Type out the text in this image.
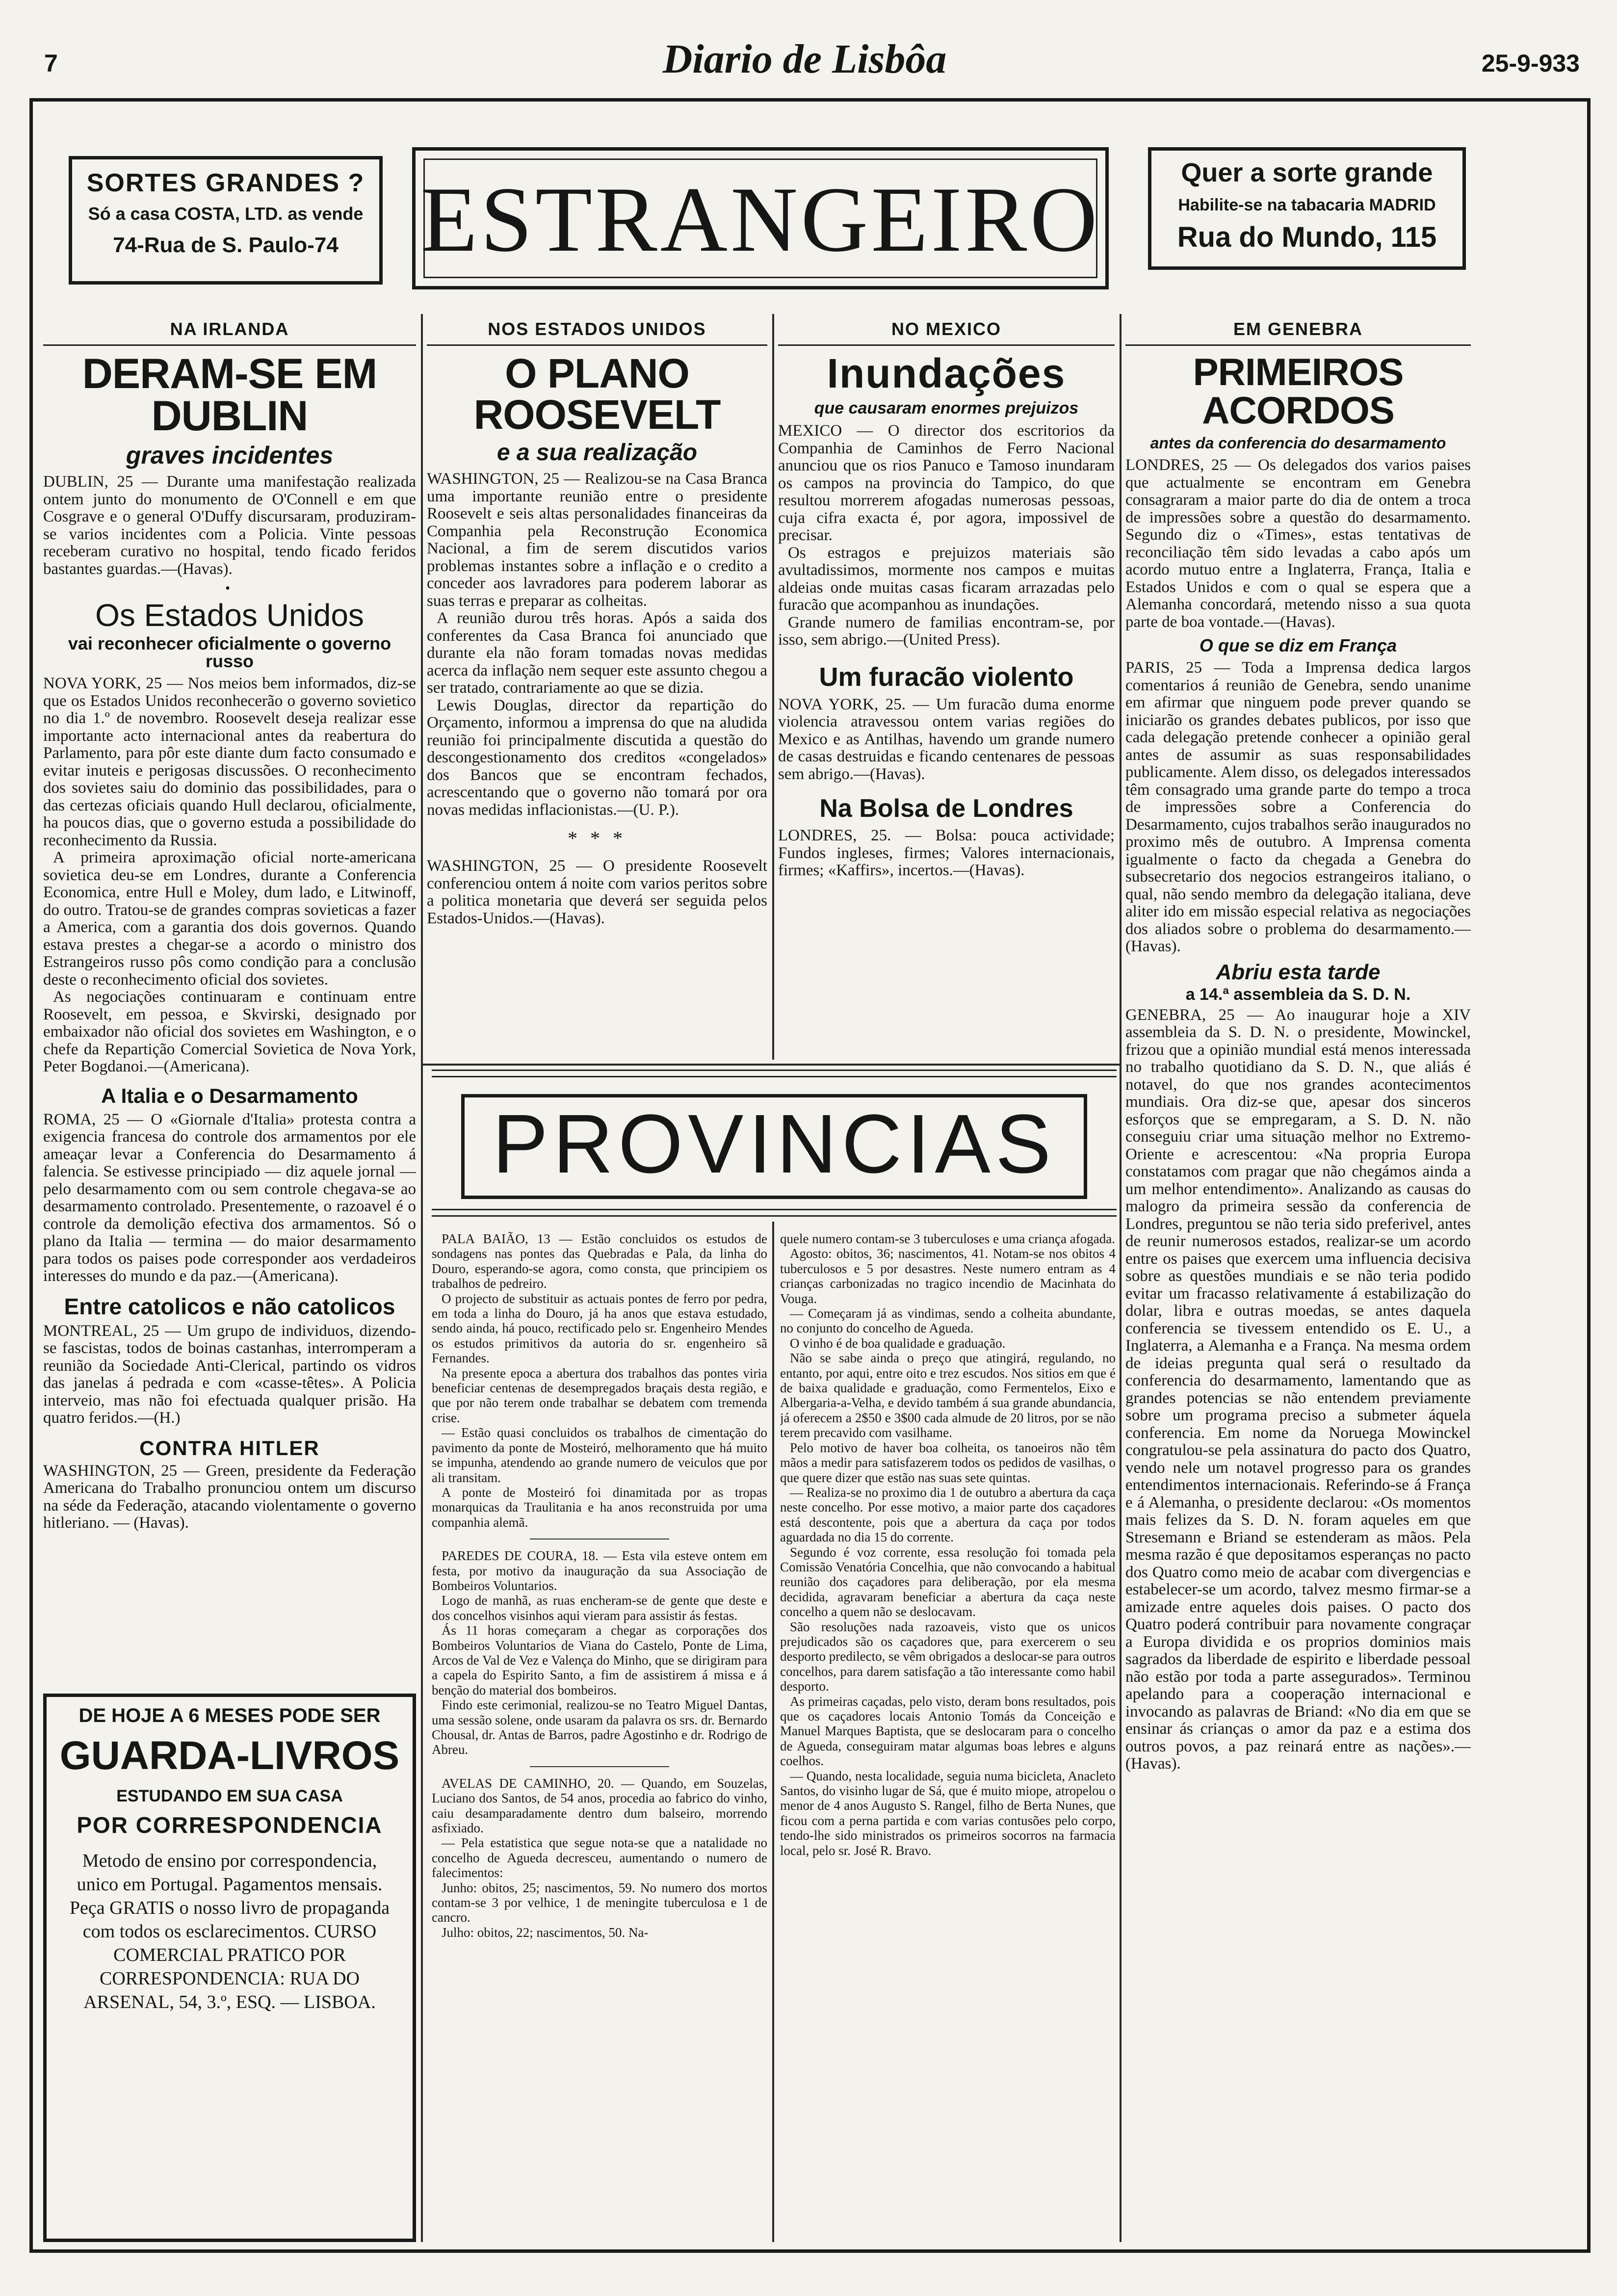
7	Diario de Lisbôa	25-9-933
SORTES GRANDES ?
Só a casa COSTA, LTD. as vende
74-Rua de S. Paulo-74 ESTRANGEIRO	Quer a sorte grande
Habilite-se na tabacaria MADRID
Rua do Mundo, 115
NA IRLANDA
DERAM-SE EM DUBLIN
graves incidentes

DUBLIN, 25 — Durante uma manifestação realizada ontem junto do monumento de O'Connell e em que Cosgrave e o general O'Duffy discursaram, produziram-se varios incidentes com a Policia. Vinte pessoas receberam curativo no hospital, tendo ficado feridos bastantes guardas.—(Havas).

•
Os Estados Unidos
vai reconhecer oficialmente o governo russo

NOVA YORK, 25 — Nos meios bem informados, diz-se que os Estados Unidos reconhecerão o governo sovietico no dia 1.º de novembro. Roosevelt deseja realizar esse importante acto internacional antes da reabertura do Parlamento, para pôr este diante dum facto consumado e evitar inuteis e perigosas discussões. O reconhecimento dos sovietes saiu do dominio das possibilidades, para o das certezas oficiais quando Hull declarou, oficialmente, ha poucos dias, que o governo estuda a possibilidade do reconhecimento da Russia.

A primeira aproximação oficial norte-americana sovietica deu-se em Londres, durante a Conferencia Economica, entre Hull e Moley, dum lado, e Litwinoff, do outro. Tratou-se de grandes compras sovieticas a fazer a America, com a garantia dos dois governos. Quando estava prestes a chegar-se a acordo o ministro dos Estrangeiros russo pôs como condição para a conclusão deste o reconhecimento oficial dos sovietes.

As negociações continuaram e continuam entre Roosevelt, em pessoa, e Skvirski, designado por embaixador não oficial dos sovietes em Washington, e o chefe da Repartição Comercial Sovietica de Nova York, Peter Bogdanoi.—(Americana).

A Italia e o Desarmamento

ROMA, 25 — O «Giornale d'Italia» protesta contra a exigencia francesa do controle dos armamentos por ele ameaçar levar a Conferencia do Desarmamento á falencia. Se estivesse principiado — diz aquele jornal — pelo desarmamento com ou sem controle chegava-se ao desarmamento controlado. Presentemente, o razoavel é o controle da demolição efectiva dos armamentos. Só o plano da Italia — termina — do maior desarmamento para todos os paises pode corresponder aos verdadeiros interesses do mundo e da paz.—(Americana).

Entre catolicos e não catolicos

MONTREAL, 25 — Um grupo de individuos, dizendo-se fascistas, todos de boinas castanhas, interromperam a reunião da Sociedade Anti-Clerical, partindo os vidros das janelas á pedrada e com «casse-têtes». A Policia interveio, mas não foi efectuada qualquer prisão. Ha quatro feridos.—(H.)

CONTRA HITLER

WASHINGTON, 25 — Green, presidente da Federação Americana do Trabalho pronunciou ontem um discurso na séde da Federação, atacando violentamente o governo hitleriano. — (Havas).

DE HOJE A 6 MESES PODE SER
GUARDA-LIVROS
ESTUDANDO EM SUA CASA
POR CORRESPONDENCIA

Metodo de ensino por correspondencia, unico em Portugal. Pagamentos mensais. Peça GRATIS o nosso livro de propaganda com todos os esclarecimentos. CURSO COMERCIAL PRATICO POR CORRESPONDENCIA: RUA DO ARSENAL, 54, 3.º, ESQ. — LISBOA.

NOS ESTADOS UNIDOS
O PLANO ROOSEVELT
e a sua realização

WASHINGTON, 25 — Realizou-se na Casa Branca uma importante reunião entre o presidente Roosevelt e seis altas personalidades financeiras da Companhia pela Reconstrução Economica Nacional, a fim de serem discutidos varios problemas instantes sobre a inflação e o credito a conceder aos lavradores para poderem laborar as suas terras e preparar as colheitas.

A reunião durou três horas. Após a saida dos conferentes da Casa Branca foi anunciado que durante ela não foram tomadas novas medidas acerca da inflação nem sequer este assunto chegou a ser tratado, contrariamente ao que se dizia.

Lewis Douglas, director da repartição do Orçamento, informou a imprensa do que na aludida reunião foi principalmente discutida a questão do descongestionamento dos creditos «congelados» dos Bancos que se encontram fechados, acrescentando que o governo não tomará por ora novas medidas inflacionistas.—(U. P.).

* * *

WASHINGTON, 25 — O presidente Roosevelt conferenciou ontem á noite com varios peritos sobre a politica monetaria que deverá ser seguida pelos Estados-Unidos.—(Havas).

NO MEXICO
Inundações
que causaram enormes prejuizos

MEXICO — O director dos escritorios da Companhia de Caminhos de Ferro Nacional anunciou que os rios Panuco e Tamoso inundaram os campos na provincia do Tampico, do que resultou morrerem afogadas numerosas pessoas, cuja cifra exacta é, por agora, impossivel de precisar.

Os estragos e prejuizos materiais são avultadissimos, mormente nos campos e muitas aldeias onde muitas casas ficaram arrazadas pelo furacão que acompanhou as inundações.

Grande numero de familias encontram-se, por isso, sem abrigo.—(United Press).

Um furacão violento

NOVA YORK, 25. — Um furacão duma enorme violencia atravessou ontem varias regiões do Mexico e as Antilhas, havendo um grande numero de casas destruidas e ficando centenares de pessoas sem abrigo.—(Havas).

Na Bolsa de Londres

LONDRES, 25. — Bolsa: pouca actividade; Fundos ingleses, firmes; Valores internacionais, firmes; «Kaffirs», incertos.—(Havas).

PROVINCIAS

PALA BAIÃO, 13 — Estão concluidos os estudos de sondagens nas pontes das Quebradas e Pala, da linha do Douro, esperando-se agora, como consta, que principiem os trabalhos de pedreiro.

O projecto de substituir as actuais pontes de ferro por pedra, em toda a linha do Douro, já ha anos que estava estudado, sendo ainda, há pouco, rectificado pelo sr. Engenheiro Mendes os estudos primitivos da autoria do sr. engenheiro sã Fernandes.

Na presente epoca a abertura dos trabalhos das pontes viria beneficiar centenas de desempregados braçais desta região, e que por não terem onde trabalhar se debatem com tremenda crise.

— Estão quasi concluidos os trabalhos de cimentação do pavimento da ponte de Mosteiró, melhoramento que há muito se impunha, atendendo ao grande numero de veiculos que por ali transitam.

A ponte de Mosteiró foi dinamitada por as tropas monarquicas da Traulitania e ha anos reconstruida por uma companhia alemã.

PAREDES DE COURA, 18. — Esta vila esteve ontem em festa, por motivo da inauguração da sua Associação de Bombeiros Voluntarios.

Logo de manhã, as ruas encheram-se de gente que deste e dos concelhos visinhos aqui vieram para assistir ás festas.

Ás 11 horas começaram a chegar as corporações dos Bombeiros Voluntarios de Viana do Castelo, Ponte de Lima, Arcos de Val de Vez e Valença do Minho, que se dirigiram para a capela do Espirito Santo, a fim de assistirem á missa e á benção do material dos bombeiros.

Findo este cerimonial, realizou-se no Teatro Miguel Dantas, uma sessão solene, onde usaram da palavra os srs. dr. Bernardo Chousal, dr. Antas de Barros, padre Agostinho e dr. Rodrigo de Abreu.

AVELAS DE CAMINHO, 20. — Quando, em Souzelas, Luciano dos Santos, de 54 anos, procedia ao fabrico do vinho, caiu desamparadamente dentro dum balseiro, morrendo asfixiado.

— Pela estatistica que segue nota-se que a natalidade no concelho de Agueda decresceu, aumentando o numero de falecimentos:

Junho: obitos, 25; nascimentos, 59. No numero dos mortos contam-se 3 por velhice, 1 de meningite tuberculosa e 1 de cancro.

Julho: obitos, 22; nascimentos, 50. Na-

quele numero contam-se 3 tuberculoses e uma criança afogada.

Agosto: obitos, 36; nascimentos, 41. Notam-se nos obitos 4 tuberculosos e 5 por desastres. Neste numero entram as 4 crianças carbonizadas no tragico incendio de Macinhata do Vouga.

— Começaram já as vindimas, sendo a colheita abundante, no conjunto do concelho de Agueda.

O vinho é de boa qualidade e graduação.

Não se sabe ainda o preço que atingirá, regulando, no entanto, por aqui, entre oito e trez escudos. Nos sitios em que é de baixa qualidade e graduação, como Fermentelos, Eixo e Albergaria-a-Velha, e devido também á sua grande abundancia, já oferecem a 2$50 e 3$00 cada almude de 20 litros, por se não terem precavido com vasilhame.

Pelo motivo de haver boa colheita, os tanoeiros não têm mãos a medir para satisfazerem todos os pedidos de vasilhas, o que quere dizer que estão nas suas sete quintas.

— Realiza-se no proximo dia 1 de outubro a abertura da caça neste concelho. Por esse motivo, a maior parte dos caçadores está descontente, pois que a abertura da caça por todos aguardada no dia 15 do corrente.

Segundo é voz corrente, essa resolução foi tomada pela Comissão Venatória Concelhia, que não convocando a habitual reunião dos caçadores para deliberação, por ela mesma decidida, agravaram beneficiar a abertura da caça neste concelho a quem não se deslocavam.

São resoluções nada razoaveis, visto que os unicos prejudicados são os caçadores que, para exercerem o seu desporto predilecto, se vêm obrigados a deslocar-se para outros concelhos, para darem satisfação a tão interessante como habil desporto.

As primeiras caçadas, pelo visto, deram bons resultados, pois que os caçadores locais Antonio Tomás da Conceição e Manuel Marques Baptista, que se deslocaram para o concelho de Agueda, conseguiram matar algumas boas lebres e alguns coelhos.

— Quando, nesta localidade, seguia numa bicicleta, Anacleto Santos, do visinho lugar de Sá, que é muito miope, atropelou o menor de 4 anos Augusto S. Rangel, filho de Berta Nunes, que ficou com a perna partida e com varias contusões pelo corpo, tendo-lhe sido ministrados os primeiros socorros na farmacia local, pelo sr. José R. Bravo.

EM GENEBRA
PRIMEIROS ACORDOS
antes da conferencia do desarmamento

LONDRES, 25 — Os delegados dos varios paises que actualmente se encontram em Genebra consagraram a maior parte do dia de ontem a troca de impressões sobre a questão do desarmamento. Segundo diz o «Times», estas tentativas de reconciliação têm sido levadas a cabo após um acordo mutuo entre a Inglaterra, França, Italia e Estados Unidos e com o qual se espera que a Alemanha concordará, metendo nisso a sua quota parte de boa vontade.—(Havas).

O que se diz em França

PARIS, 25 — Toda a Imprensa dedica largos comentarios á reunião de Genebra, sendo unanime em afirmar que ninguem pode prever quando se iniciarão os grandes debates publicos, por isso que cada delegação pretende conhecer a opinião geral antes de assumir as suas responsabilidades publicamente. Alem disso, os delegados interessados têm consagrado uma grande parte do tempo a troca de impressões sobre a Conferencia do Desarmamento, cujos trabalhos serão inaugurados no proximo mês de outubro. A Imprensa comenta igualmente o facto da chegada a Genebra do subsecretario dos negocios estrangeiros italiano, o qual, não sendo membro da delegação italiana, deve aliter ido em missão especial relativa as negociações dos aliados sobre o problema do desarmamento.—(Havas).

Abriu esta tarde
a 14.ª assembleia da S. D. N.

GENEBRA, 25 — Ao inaugurar hoje a XIV assembleia da S. D. N. o presidente, Mowinckel, frizou que a opinião mundial está menos interessada no trabalho quotidiano da S. D. N., que aliás é notavel, do que nos grandes acontecimentos mundiais. Ora diz-se que, apesar dos sinceros esforços que se empregaram, a S. D. N. não conseguiu criar uma situação melhor no Extremo-Oriente e acrescentou: «Na propria Europa constatamos com pragar que não chegámos ainda a um melhor entendimento». Analizando as causas do malogro da primeira sessão da conferencia de Londres, preguntou se não teria sido preferivel, antes de reunir numerosos estados, realizar-se um acordo entre os paises que exercem uma influencia decisiva sobre as questões mundiais e se não teria podido evitar um fracasso relativamente á estabilização do dolar, libra e outras moedas, se antes daquela conferencia se tivessem entendido os E. U., a Inglaterra, a Alemanha e a França. Na mesma ordem de ideias pregunta qual será o resultado da conferencia do desarmamento, lamentando que as grandes potencias se não entendem previamente sobre um programa preciso a submeter áquela conferencia. Em nome da Noruega Mowinckel congratulou-se pela assinatura do pacto dos Quatro, vendo nele um notavel progresso para os grandes entendimentos internacionais. Referindo-se á França e á Alemanha, o presidente declarou: «Os momentos mais felizes da S. D. N. foram aqueles em que Stresemann e Briand se estenderam as mãos. Pela mesma razão é que depositamos esperanças no pacto dos Quatro como meio de acabar com divergencias e estabelecer-se um acordo, talvez mesmo firmar-se a amizade entre aqueles dois paises. O pacto dos Quatro poderá contribuir para novamente congraçar a Europa dividida e os proprios dominios mais sagrados da liberdade de espirito e liberdade pessoal não estão por toda a parte assegurados». Terminou apelando para a cooperação internacional e invocando as palavras de Briand: «No dia em que se ensinar ás crianças o amor da paz e a estima dos outros povos, a paz reinará entre as nações».—(Havas).
